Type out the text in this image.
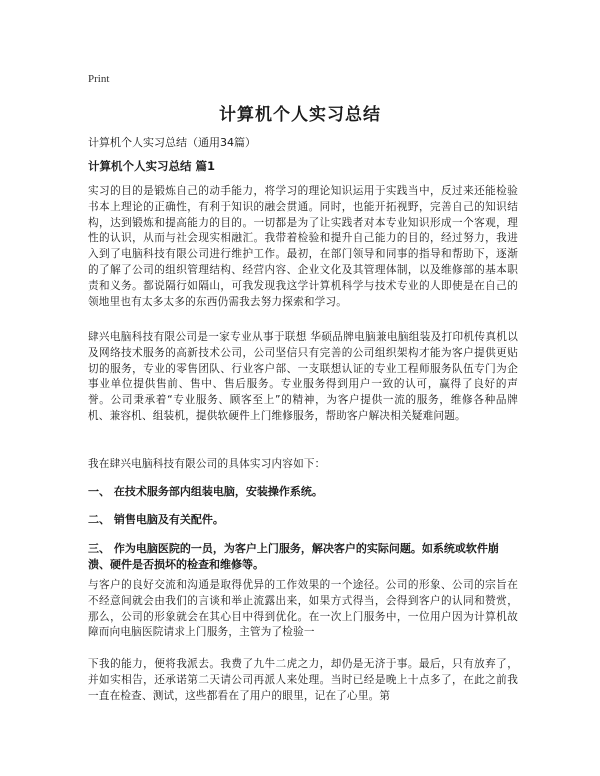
Print
计算机个人实习总结
计算机个人实习总结（通用34篇）
计算机个人实习总结 篇1
实习的目的是锻炼自己的动手能力，将学习的理论知识运用于实践当中，反过来还能检验书本上理论的正确性，有利于知识的融会贯通。同时，也能开拓视野，完善自己的知识结构，达到锻炼和提高能力的目的。一切都是为了让实践者对本专业知识形成一个客观，理性的认识，从而与社会现实相融汇。我带着检验和提升自己能力的目的，经过努力，我进入到了电脑科技有限公司进行维护工作。最初，在部门领导和同事的指导和帮助下，逐渐的了解了公司的组织管理结构、经营内容、企业文化及其管理体制，以及维修部的基本职责和义务。都说隔行如隔山，可我发现我这学计算机科学与技术专业的人即使是在自己的领地里也有太多太多的东西仍需我去努力探索和学习。
肆兴电脑科技有限公司是一家专业从事于联想 华硕品牌电脑兼电脑组装及打印机传真机以及网络技术服务的高新技术公司，公司坚信只有完善的公司组织架构才能为客户提供更贴切的服务，专业的零售团队、行业客户部、一支联想认证的专业工程师服务队伍专门为企事业单位提供售前、售中、售后服务。专业服务得到用户一致的认可，赢得了良好的声誉。公司秉承着“专业服务、顾客至上”的精神，为客户提供一流的服务，维修各种品牌机、兼容机、组装机，提供软硬件上门维修服务，帮助客户解决相关疑难问题。
我在肆兴电脑科技有限公司的具体实习内容如下：
一、 在技术服务部内组装电脑，安装操作系统。
二、 销售电脑及有关配件。
三、 作为电脑医院的一员，为客户上门服务，解决客户的实际问题。如系统或软件崩溃、硬件是否损坏的检查和维修等。
与客户的良好交流和沟通是取得优异的工作效果的一个途径。公司的形象、公司的宗旨在不经意间就会由我们的言谈和举止流露出来，如果方式得当，会得到客户的认同和赞赏，那么，公司的形象就会在其心目中得到优化。在一次上门服务中，一位用户因为计算机故障而向电脑医院请求上门服务，主管为了检验一
下我的能力，便将我派去。我费了九牛二虎之力，却仍是无济于事。最后，只有放弃了，并如实相告，还承诺第二天请公司再派人来处理。当时已经是晚上十点多了，在此之前我一直在检查、测试，这些都看在了用户的眼里，记在了心里。第
